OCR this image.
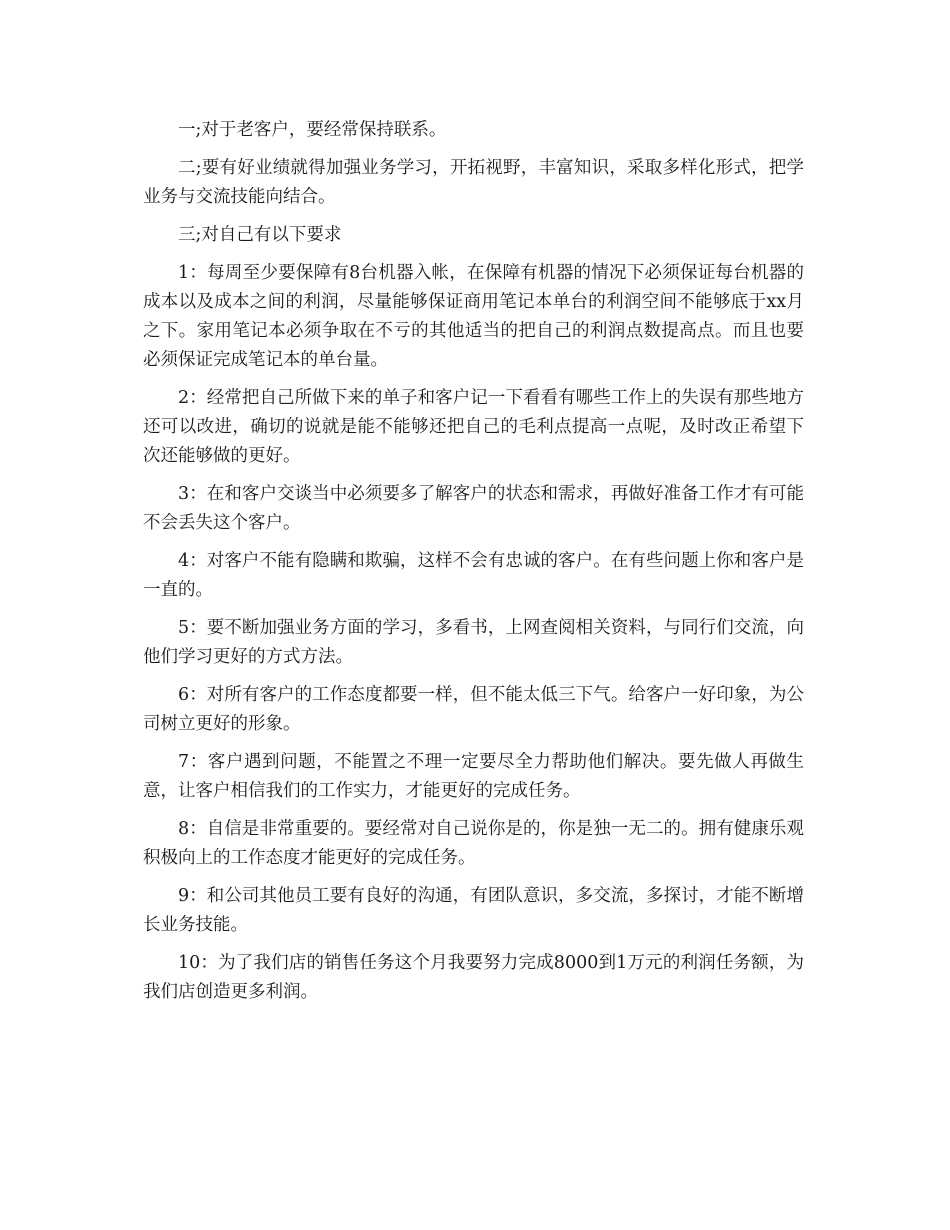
一;对于老客户，要经常保持联系。
二;要有好业绩就得加强业务学习，开拓视野，丰富知识，采取多样化形式，把学业务与交流技能向结合。
三;对自己有以下要求
1：每周至少要保障有8台机器入帐，在保障有机器的情况下必须保证每台机器的成本以及成本之间的利润，尽量能够保证商用笔记本单台的利润空间不能够底于xx月之下。家用笔记本必须争取在不亏的其他适当的把自己的利润点数提高点。而且也要必须保证完成笔记本的单台量。
2：经常把自己所做下来的单子和客户记一下看看有哪些工作上的失误有那些地方还可以改进，确切的说就是能不能够还把自己的毛利点提高一点呢，及时改正希望下次还能够做的更好。
3：在和客户交谈当中必须要多了解客户的状态和需求，再做好准备工作才有可能不会丢失这个客户。
4：对客户不能有隐瞒和欺骗，这样不会有忠诚的客户。在有些问题上你和客户是一直的。
5：要不断加强业务方面的学习，多看书，上网查阅相关资料，与同行们交流，向他们学习更好的方式方法。
6：对所有客户的工作态度都要一样，但不能太低三下气。给客户一好印象，为公司树立更好的形象。
7：客户遇到问题，不能置之不理一定要尽全力帮助他们解决。要先做人再做生意，让客户相信我们的工作实力，才能更好的完成任务。
8：自信是非常重要的。要经常对自己说你是的，你是独一无二的。拥有健康乐观积极向上的工作态度才能更好的完成任务。
9：和公司其他员工要有良好的沟通，有团队意识，多交流，多探讨，才能不断增长业务技能。
10：为了我们店的销售任务这个月我要努力完成8000到1万元的利润任务额，为我们店创造更多利润。
